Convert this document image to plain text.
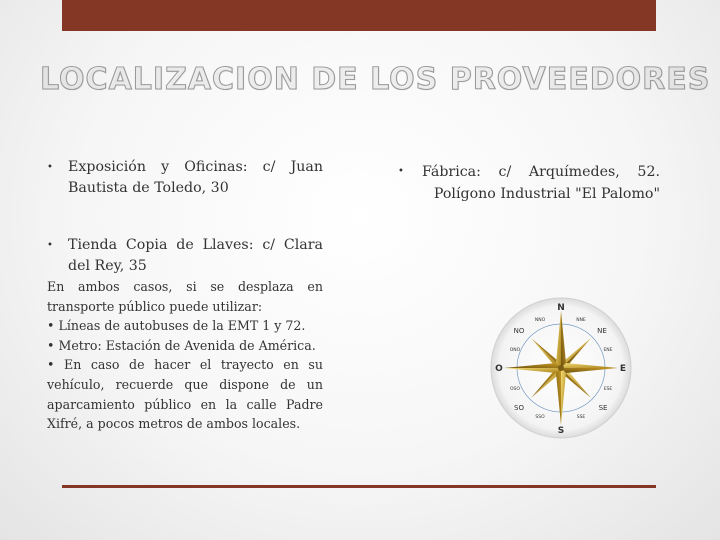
LOCALIZACION DE LOS PROVEEDORES
•	Exposición y Oficinas: c/ Juan Bautista de Toledo, 30
•	Tienda Copia de Llaves: c/ Clara del Rey, 35
En ambos casos, si se desplaza en transporte público puede utilizar:
• Líneas de autobuses de la EMT 1 y 72.
• Metro: Estación de Avenida de América.
• En caso de hacer el trayecto en su vehículo, recuerde que dispone de un aparcamiento público en la calle Padre Xifré, a pocos metros de ambos locales.
• Fábrica: c/ Arquímedes, 52. Polígono Industrial "El Palomo"
N
S
E
O
NE
NO
SE
SO
NNE
NNO
ENE
ONO
ESE
OSO
SSE
SSO
